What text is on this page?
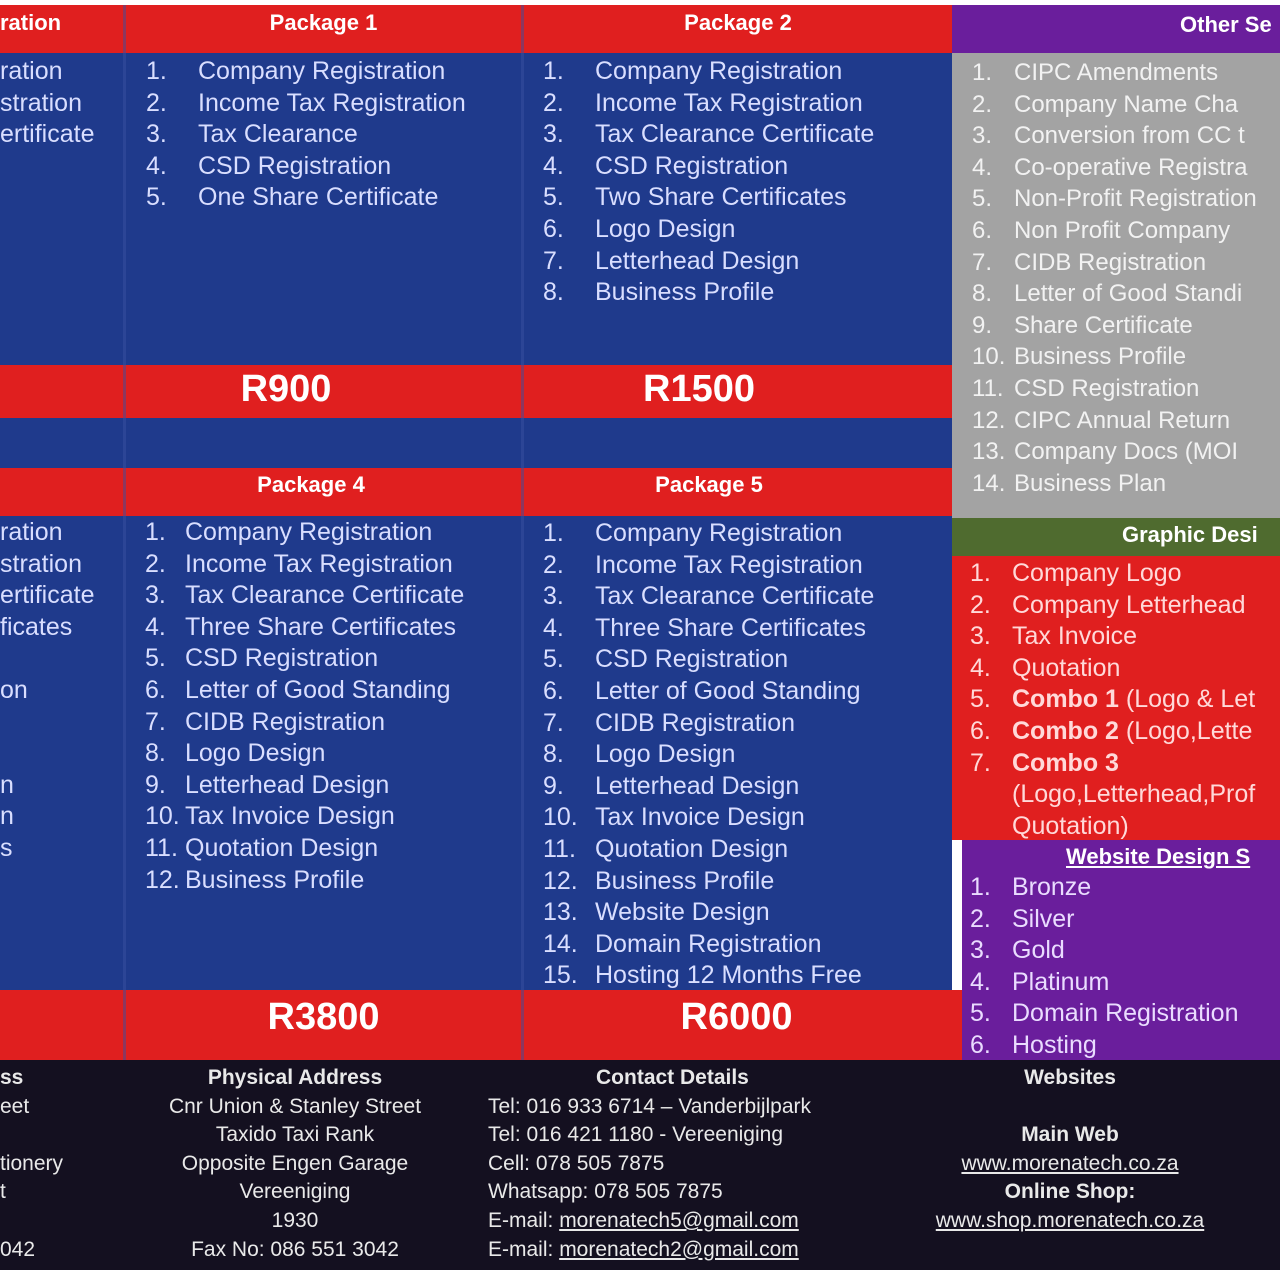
ration
ration
stration
ertificate
ration
stration
ertificate
ficates
on
n
n
s
Package 1
1. Company Registration
2. Income Tax Registration
3. Tax Clearance
4. CSD Registration
5. One Share Certificate
R900
Package 2
1. Company Registration
2. Income Tax Registration
3. Tax Clearance Certificate
4. CSD Registration
5. Two Share Certificates
6. Logo Design
7. Letterhead Design
8. Business Profile
R1500
Package 4
1. Company Registration
2. Income Tax Registration
3. Tax Clearance Certificate
4. Three Share Certificates
5. CSD Registration
6. Letter of Good Standing
7. CIDB Registration
8. Logo Design
9. Letterhead Design
10. Tax Invoice Design
11. Quotation Design
12. Business Profile
R3800
Package 5
1. Company Registration
2. Income Tax Registration
3. Tax Clearance Certificate
4. Three Share Certificates
5. CSD Registration
6. Letter of Good Standing
7. CIDB Registration
8. Logo Design
9. Letterhead Design
10. Tax Invoice Design
11. Quotation Design
12. Business Profile
13. Website Design
14. Domain Registration
15. Hosting 12 Months Free
R6000
Other Se
1. CIPC Amendments
2. Company Name Cha
3. Conversion from CC t
4. Co-operative Registra
5. Non-Profit Registration
6. Non Profit Company
7. CIDB Registration
8. Letter of Good Standi
9. Share Certificate
10. Business Profile
11. CSD Registration
12. CIPC Annual Return
13. Company Docs (MOI
14. Business Plan
Graphic Desi
1. Company Logo
2. Company Letterhead
3. Tax Invoice
4. Quotation
5. Combo 1 (Logo & Let
6. Combo 2 (Logo,Lette
7. Combo 3
(Logo,Letterhead,Prof
Quotation)
Website Design S
1. Bronze
2. Silver
3. Gold
4. Platinum
5. Domain Registration
6. Hosting
ss
eet
tionery
t
042
Physical Address
Cnr Union & Stanley Street
Taxido Taxi Rank
Opposite Engen Garage
Vereeniging
1930
Fax No: 086 551 3042
Contact Details
Tel: 016 933 6714 – Vanderbijlpark
Tel: 016 421 1180 - Vereeniging
Cell: 078 505 7875
Whatsapp: 078 505 7875
E-mail: morenatech5@gmail.com
E-mail: morenatech2@gmail.com
Websites
Main Web
www.morenatech.co.za
Online Shop:
www.shop.morenatech.co.za
